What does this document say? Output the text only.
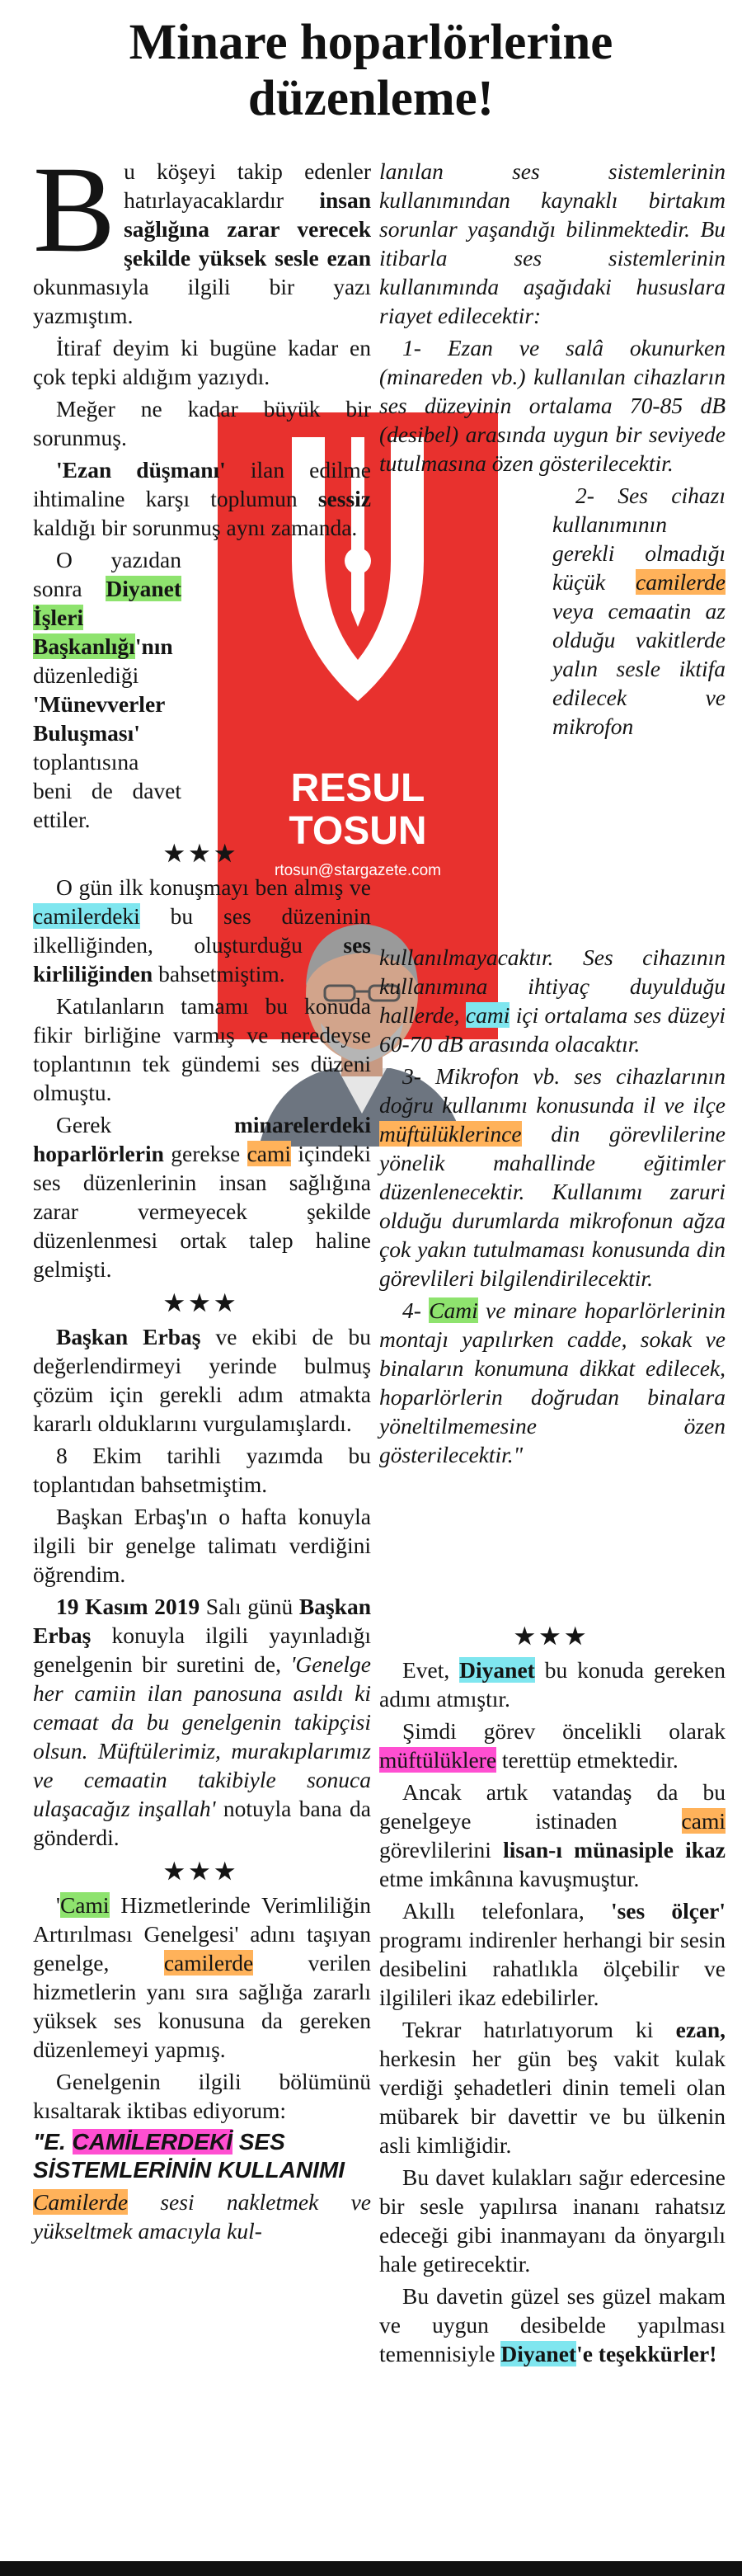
Minare hoparlörlerine
düzenleme!
RESUL
TOSUN
rtosun@stargazete.com

Bu köşeyi takip edenler hatırlayacaklardır insan sağlığına zarar verecek şekilde yüksek sesle ezan okunmasıyla ilgili bir yazı yazmıştım.

İtiraf deyim ki bugüne kadar en çok tepki aldığım yazıydı.

Meğer ne kadar büyük bir sorunmuş.

'Ezan düşmanı' ilan edilme ihtimaline karşı toplumun sessiz kaldığı bir sorunmuş aynı zamanda.

O yazıdan sonra Diyanet İşleri Başkanlığı'nın düzenlediği 'Münevverler Buluşması' toplantısına beni de davet ettiler.

★★★

O gün ilk konuşmayı ben almış ve camilerdeki bu ses düzeninin ilkelliğinden, oluşturduğu ses kirliliğinden bahsetmiştim.

Katılanların tamamı bu konuda fikir birliğine varmış ve neredeyse toplantının tek gündemi ses düzeni olmuştu.

Gerek minarelerdeki hoparlörlerin gerekse cami içindeki ses düzenlerinin insan sağlığına zarar vermeyecek şekilde düzenlenmesi ortak talep haline gelmişti.

★★★

Başkan Erbaş ve ekibi de bu değerlendirmeyi yerinde bulmuş çözüm için gerekli adım atmakta kararlı olduklarını vurgulamışlardı.

8 Ekim tarihli yazımda bu toplantıdan bahsetmiştim.

Başkan Erbaş'ın o hafta konuyla ilgili bir genelge talimatı verdiğini öğrendim.

19 Kasım 2019 Salı günü Başkan Erbaş konuyla ilgili yayınladığı genelgenin bir suretini de, 'Genelge her camiin ilan panosuna asıldı ki cemaat da bu genelgenin takipçisi olsun. Müftülerimiz, murakıplarımız ve cemaatin takibiyle sonuca ulaşacağız inşallah' notuyla bana da gönderdi.

★★★

'Cami Hizmetlerinde Verimliliğin Artırılması Genelgesi' adını taşıyan genelge, camilerde verilen hizmetlerin yanı sıra sağlığa zararlı yüksek ses konusuna da gereken düzenlemeyi yapmış.

Genelgenin ilgili bölümünü kısaltarak iktibas ediyorum:

"E. CAMİLERDEKİ SES SİSTEMLERİNİN KULLANIMI

Camilerde sesi nakletmek ve yükseltmek amacıyla kul-

lanılan ses sistemlerinin kullanımından kaynaklı birtakım sorunlar yaşandığı bilinmektedir. Bu itibarla ses sistemlerinin kullanımında aşağıdaki hususlara riayet edilecektir:

1- Ezan ve salâ okunurken (minareden vb.) kullanılan cihazların ses düzeyinin ortalama 70-85 dB (desibel) arasında uygun bir seviyede tutulmasına özen gösterilecektir.

2- Ses cihazı kullanımının gerekli olmadığı küçük camilerde veya cemaatin az olduğu vakitlerde yalın sesle iktifa edilecek ve mikrofon kullanılmayacaktır. Ses cihazının kullanımına ihtiyaç duyulduğu hallerde, cami içi ortalama ses düzeyi 60-70 dB arasında olacaktır.

3- Mikrofon vb. ses cihazlarının doğru kullanımı konusunda il ve ilçe müftülüklerince din görevlilerine yönelik mahallinde eğitimler düzenlenecektir. Kullanımı zaruri olduğu durumlarda mikrofonun ağza çok yakın tutulmaması konusunda din görevlileri bilgilendirilecektir.

4- Cami ve minare hoparlörlerinin montajı yapılırken cadde, sokak ve binaların konumuna dikkat edilecek, hoparlörlerin doğrudan binalara yöneltilmemesine özen gösterilecektir."

★★★

Evet, Diyanet bu konuda gereken adımı atmıştır.

Şimdi görev öncelikli olarak müftülüklere terettüp etmektedir.

Ancak artık vatandaş da bu genelgeye istinaden cami görevlilerini lisan-ı münasiple ikaz etme imkânına kavuşmuştur.

Akıllı telefonlara, 'ses ölçer' programı indirenler herhangi bir sesin desibelini rahatlıkla ölçebilir ve ilgilileri ikaz edebilirler.

Tekrar hatırlatıyorum ki ezan, herkesin her gün beş vakit kulak verdiği şehadetleri dinin temeli olan mübarek bir davettir ve bu ülkenin asli kimliğidir.

Bu davet kulakları sağır edercesine bir sesle yapılırsa inananı rahatsız edeceği gibi inanmayanı da önyargılı hale getirecektir.

Bu davetin güzel ses güzel makam ve uygun desibelde yapılması temennisiyle Diyanet'e teşekkürler!
